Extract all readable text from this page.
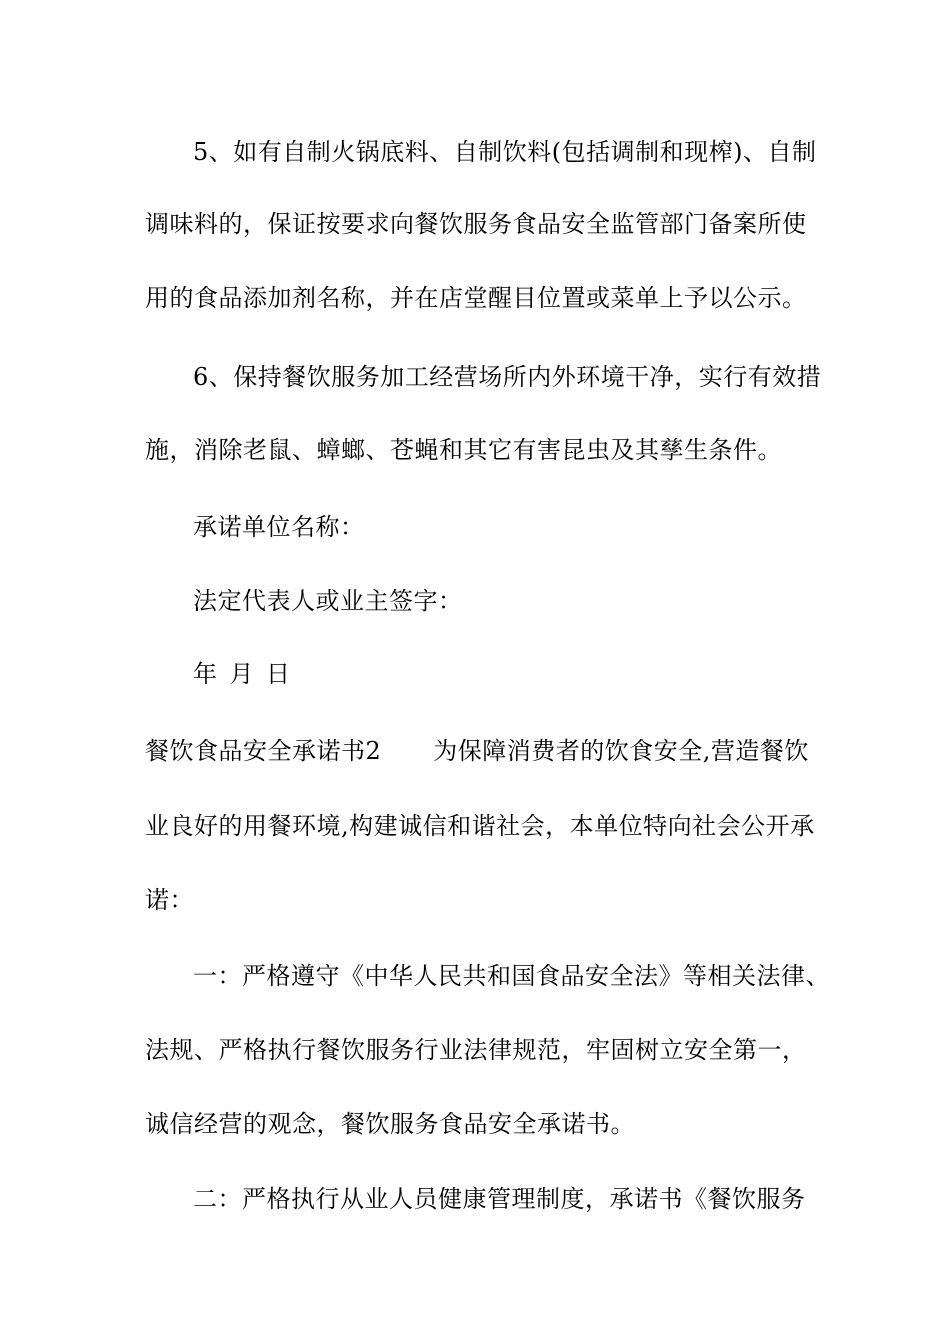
5、如有自制火锅底料、自制饮料(包括调制和现榨)、自制
调味料的，保证按要求向餐饮服务食品安全监管部门备案所使
用的食品添加剂名称，并在店堂醒目位置或菜单上予以公示。
6、保持餐饮服务加工经营场所内外环境干净，实行有效措
施，消除老鼠、蟑螂、苍蝇和其它有害昆虫及其孳生条件。
承诺单位名称：
法定代表人或业主签字：
年 月 日
餐饮食品安全承诺书2 为保障消费者的饮食安全,营造餐饮
业良好的用餐环境,构建诚信和谐社会，本单位特向社会公开承
诺：
一：严格遵守《中华人民共和国食品安全法》等相关法律、
法规、严格执行餐饮服务行业法律规范，牢固树立安全第一，
诚信经营的观念，餐饮服务食品安全承诺书。
二：严格执行从业人员健康管理制度，承诺书《餐饮服务
